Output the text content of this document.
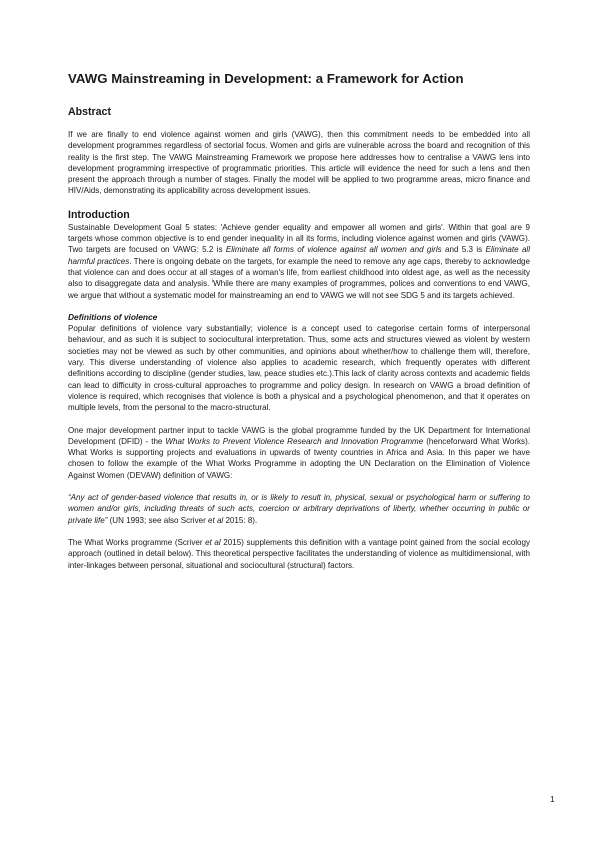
VAWG Mainstreaming in Development: a Framework for Action
Abstract

If we are finally to end violence against women and girls (VAWG), then this commitment needs to be embedded into all development programmes regardless of sectorial focus. Women and girls are vulnerable across the board and recognition of this reality is the first step. The VAWG Mainstreaming Framework we propose here addresses how to centralise a VAWG lens into development programming irrespective of programmatic priorities. This article will evidence the need for such a lens and then present the approach through a number of stages. Finally the model will be applied to two programme areas, micro finance and HIV/Aids, demonstrating its applicability across development issues.

Introduction

Sustainable Development Goal 5 states: 'Achieve gender equality and empower all women and girls'. Within that goal are 9 targets whose common objective is to end gender inequality in all its forms, including violence against women and girls (VAWG). Two targets are focused on VAWG: 5.2 is Eliminate all forms of violence against all women and girls and 5.3 is Eliminate all harmful practices. There is ongoing debate on the targets, for example the need to remove any age caps, thereby to acknowledge that violence can and does occur at all stages of a woman's life, from earliest childhood into oldest age, as well as the necessity also to disaggregate data and analysis. $^i$While there are many examples of programmes, polices and conventions to end VAWG, we argue that without a systematic model for mainstreaming an end to VAWG we will not see SDG 5 and its targets achieved.

Definitions of violence

Popular definitions of violence vary substantially; violence is a concept used to categorise certain forms of interpersonal behaviour, and as such it is subject to sociocultural interpretation. Thus, some acts and structures viewed as violent by western societies may not be viewed as such by other communities, and opinions about whether/how to challenge them will, therefore, vary. This diverse understanding of violence also applies to academic research, which frequently operates with different definitions according to discipline (gender studies, law, peace studies etc.).This lack of clarity across contexts and academic fields can lead to difficulty in cross-cultural approaches to programme and policy design. In research on VAWG a broad definition of violence is required, which recognises that violence is both a physical and a psychological phenomenon, and that it operates on multiple levels, from the personal to the macro-structural.

One major development partner input to tackle VAWG is the global programme funded by the UK Department for International Development (DFID) - the What Works to Prevent Violence Research and Innovation Programme (henceforward What Works). What Works is supporting projects and evaluations in upwards of twenty countries in Africa and Asia. In this paper we have chosen to follow the example of the What Works Programme in adopting the UN Declaration on the Elimination of Violence Against Women (DEVAW) definition of VAWG:

“Any act of gender-based violence that results in, or is likely to result in, physical, sexual or psychological harm or suffering to women and/or girls, including threats of such acts, coercion or arbitrary deprivations of liberty, whether occurring in public or private life” (UN 1993; see also Scriver et al 2015: 8).

The What Works programme (Scriver et al 2015) supplements this definition with a vantage point gained from the social ecology approach (outlined in detail below). This theoretical perspective facilitates the understanding of violence as multidimensional, with inter-linkages between personal, situational and sociocultural (structural) factors.

1
